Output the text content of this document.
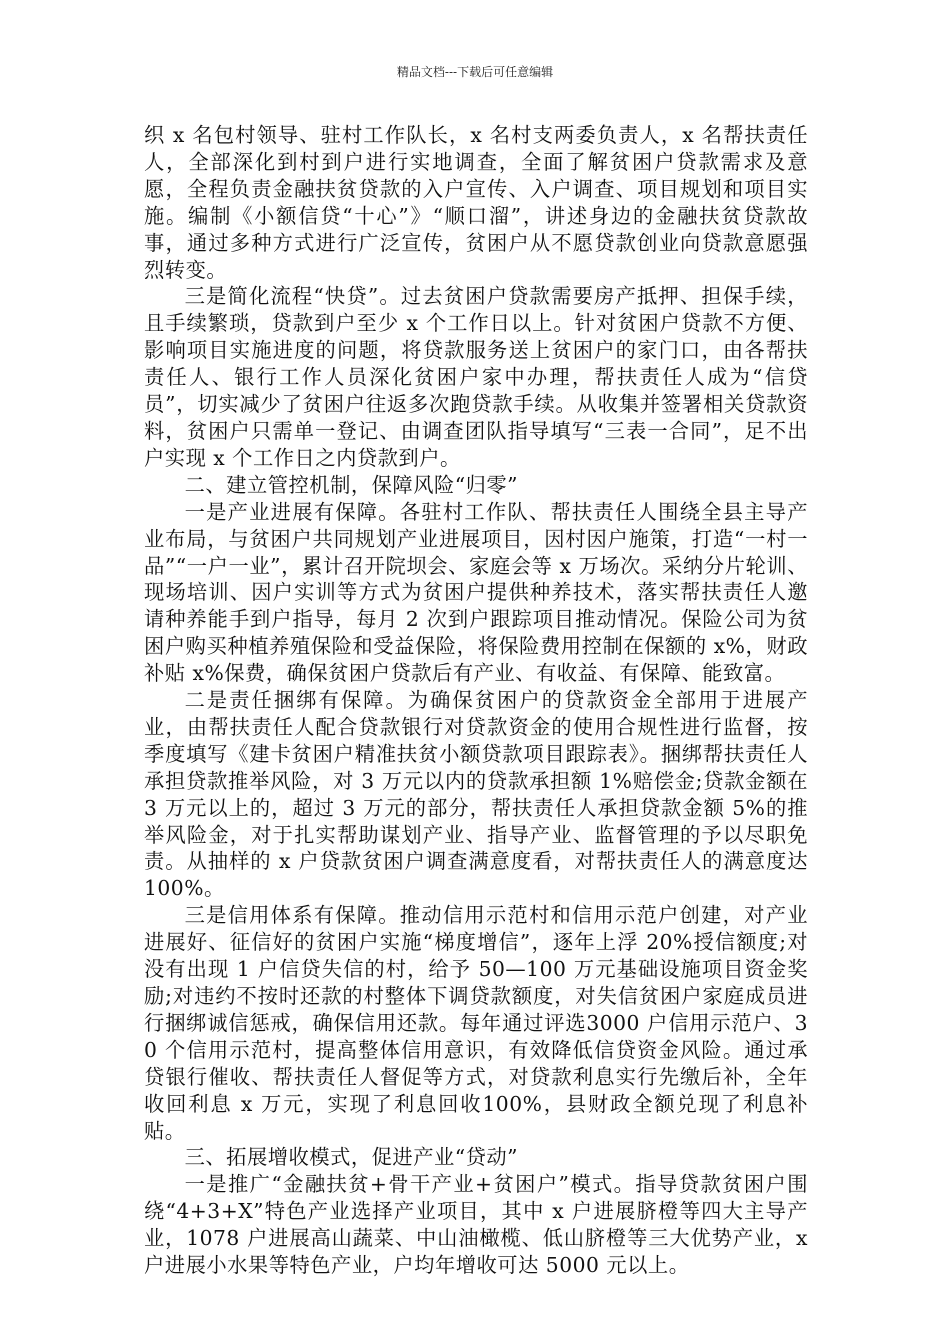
精品文档---下载后可任意编辑

织 x 名包村领导、驻村工作队长，x 名村支两委负责人，x 名帮扶责任人，全部深化到村到户进行实地调查，全面了解贫困户贷款需求及意愿，全程负责金融扶贫贷款的入户宣传、入户调查、项目规划和项目实施。编制《小额信贷“十心”》“顺口溜”，讲述身边的金融扶贫贷款故事，通过多种方式进行广泛宣传，贫困户从不愿贷款创业向贷款意愿强烈转变。

三是简化流程“快贷”。过去贫困户贷款需要房产抵押、担保手续，且手续繁琐，贷款到户至少 x 个工作日以上。针对贫困户贷款不方便、影响项目实施进度的问题，将贷款服务送上贫困户的家门口，由各帮扶责任人、银行工作人员深化贫困户家中办理，帮扶责任人成为“信贷员”，切实减少了贫困户往返多次跑贷款手续。从收集并签署相关贷款资料，贫困户只需单一登记、由调查团队指导填写“三表一合同”，足不出户实现 x 个工作日之内贷款到户。

二、建立管控机制，保障风险“归零”

一是产业进展有保障。各驻村工作队、帮扶责任人围绕全县主导产业布局，与贫困户共同规划产业进展项目，因村因户施策，打造“一村一品”“一户一业”，累计召开院坝会、家庭会等 x 万场次。采纳分片轮训、现场培训、因户实训等方式为贫困户提供种养技术，落实帮扶责任人邀请种养能手到户指导，每月 2 次到户跟踪项目推动情况。保险公司为贫困户购买种植养殖保险和受益保险，将保险费用控制在保额的 x%，财政补贴 x%保费，确保贫困户贷款后有产业、有收益、有保障、能致富。

二是责任捆绑有保障。为确保贫困户的贷款资金全部用于进展产业，由帮扶责任人配合贷款银行对贷款资金的使用合规性进行监督，按季度填写《建卡贫困户精准扶贫小额贷款项目跟踪表》。捆绑帮扶责任人承担贷款推举风险，对 3 万元以内的贷款承担额 1%赔偿金;贷款金额在 3 万元以上的，超过 3 万元的部分，帮扶责任人承担贷款金额 5%的推举风险金，对于扎实帮助谋划产业、指导产业、监督管理的予以尽职免责。从抽样的 x 户贷款贫困户调查满意度看，对帮扶责任人的满意度达 100%。

三是信用体系有保障。推动信用示范村和信用示范户创建，对产业进展好、征信好的贫困户实施“梯度增信”，逐年上浮 20%授信额度;对没有出现 1 户信贷失信的村，给予 50—100 万元基础设施项目资金奖励;对违约不按时还款的村整体下调贷款额度，对失信贫困户家庭成员进行捆绑诚信惩戒，确保信用还款。每年通过评选3000 户信用示范户、30 个信用示范村，提高整体信用意识，有效降低信贷资金风险。通过承贷银行催收、帮扶责任人督促等方式，对贷款利息实行先缴后补，全年收回利息 x 万元，实现了利息回收100%，县财政全额兑现了利息补贴。

三、拓展增收模式，促进产业“贷动”

一是推广“金融扶贫+骨干产业+贫困户”模式。指导贷款贫困户围绕“4+3+X”特色产业选择产业项目，其中 x 户进展脐橙等四大主导产业，1078 户进展高山蔬菜、中山油橄榄、低山脐橙等三大优势产业，x 户进展小水果等特色产业，户均年增收可达 5000 元以上。
